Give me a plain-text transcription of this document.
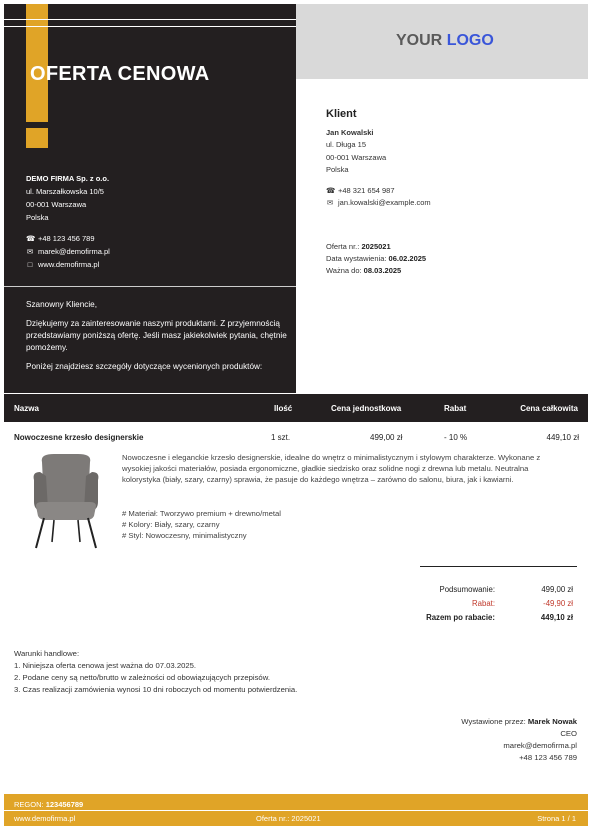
OFERTA CENOWA
DEMO FIRMA Sp. z o.o.
ul. Marszałkowska 10/5
00-001 Warszawa
Polska
☎ +48 123 456 789
✉ marek@demofirma.pl
□ www.demofirma.pl

Szanowny Kliencie,

Dziękujemy za zainteresowanie naszymi produktami. Z przyjemnością przedstawiamy poniższą ofertę. Jeśli masz jakiekolwiek pytania, chętnie pomożemy.

Poniżej znajdziesz szczegóły dotyczące wycenionych produktów:

YOUR LOGO
Klient
Jan Kowalski
ul. Długa 15
00-001 Warszawa
Polska
☎ +48 321 654 987
✉ jan.kowalski@example.com
Oferta nr.: 2025021
Data wystawienia: 06.02.2025
Ważna do: 08.03.2025
Nazwa	Ilość	Cena jednostkowa	Rabat	Cena całkowita
Nowoczesne krzesło designerskie	1 szt.	499,00 zł	- 10 %	449,10 zł
Nowoczesne i eleganckie krzesło designerskie, idealne do wnętrz o minimalistycznym i stylowym charakterze. Wykonane z wysokiej jakości materiałów, posiada ergonomiczne, gładkie siedzisko oraz solidne nogi z drewna lub metalu. Neutralna kolorystyka (biały, szary, czarny) sprawia, że pasuje do każdego wnętrza – zarówno do salonu, biura, jak i kawiarni.
# Materiał: Tworzywo premium + drewno/metal
# Kolory: Biały, szary, czarny
# Styl: Nowoczesny, minimalistyczny
Podsumowanie:	499,00 zł
Rabat:	-49,90 zł
Razem po rabacie:	449,10 zł
Warunki handlowe:
1. Niniejsza oferta cenowa jest ważna do 07.03.2025.
2. Podane ceny są netto/brutto w zależności od obowiązujących przepisów.
3. Czas realizacji zamówienia wynosi 10 dni roboczych od momentu potwierdzenia.
Wystawione przez: Marek Nowak
CEO
marek@demofirma.pl
+48 123 456 789
REGON: 123456789
www.demofirma.pl	Oferta nr.: 2025021	Strona 1 / 1
